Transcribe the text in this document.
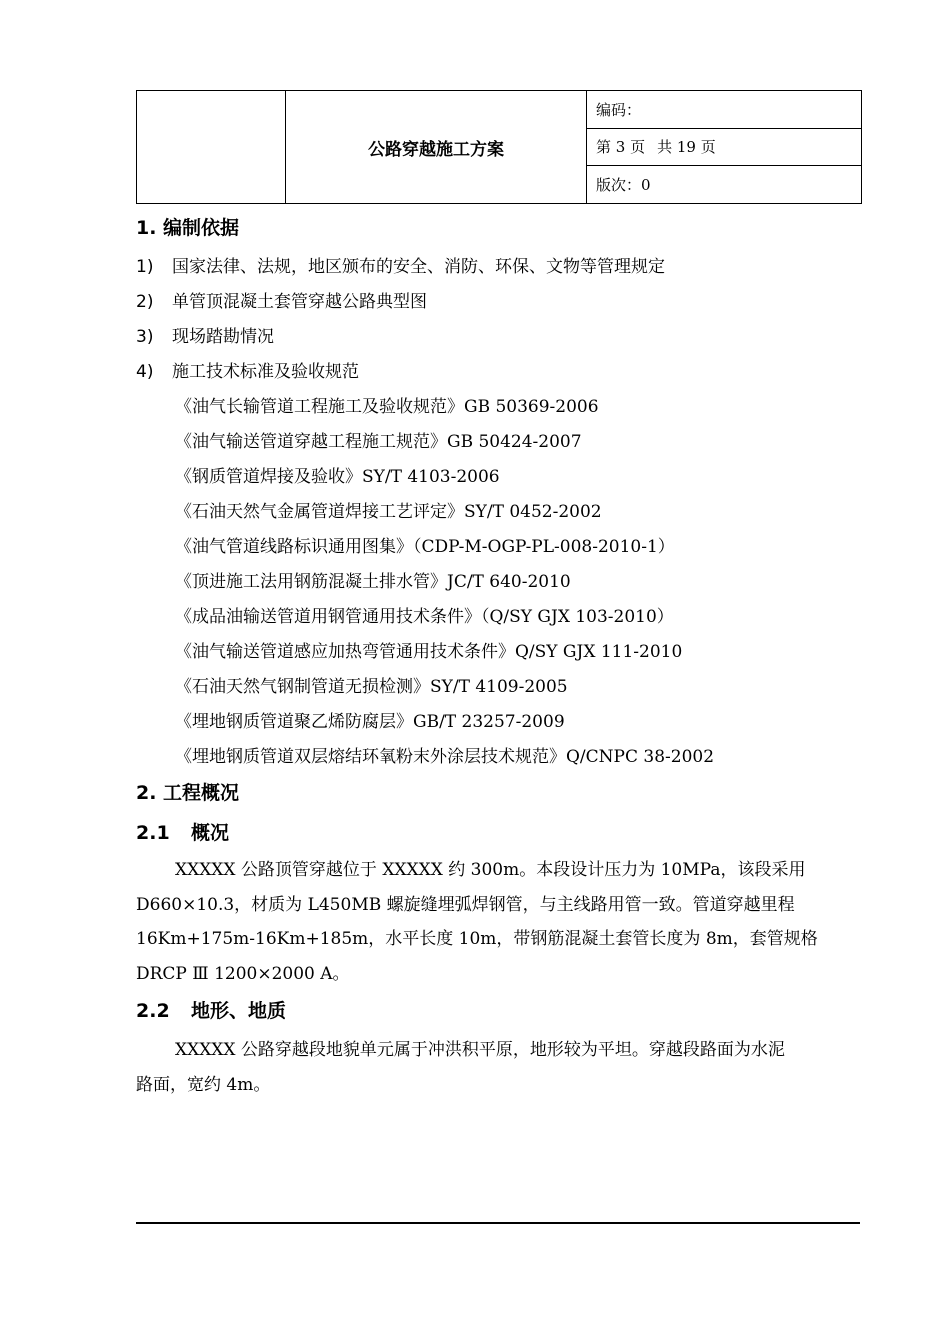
	公路穿越施工方案	编码：
第 3 页 共 19 页
版次：0
1. 编制依据
1) 国家法律、法规，地区颁布的安全、消防、环保、文物等管理规定
2) 单管顶混凝土套管穿越公路典型图
3) 现场踏勘情况
4) 施工技术标准及验收规范
《油气长输管道工程施工及验收规范》GB 50369-2006
《油气输送管道穿越工程施工规范》GB 50424-2007
《钢质管道焊接及验收》SY/T 4103-2006
《石油天然气金属管道焊接工艺评定》SY/T 0452-2002
《油气管道线路标识通用图集》（CDP-M-OGP-PL-008-2010-1）
《顶进施工法用钢筋混凝土排水管》JC/T 640-2010
《成品油输送管道用钢管通用技术条件》（Q/SY GJX 103-2010）
《油气输送管道感应加热弯管通用技术条件》Q/SY GJX 111-2010
《石油天然气钢制管道无损检测》SY/T 4109-2005
《埋地钢质管道聚乙烯防腐层》GB/T 23257-2009
《埋地钢质管道双层熔结环氧粉末外涂层技术规范》Q/CNPC 38-2002
2. 工程概况
2.1 概况

XXXXX 公路顶管穿越位于 XXXXX 约 300m。本段设计压力为 10MPa，该段采用

D660×10.3，材质为 L450MB 螺旋缝埋弧焊钢管，与主线路用管一致。管道穿越里程

16Km+175m-16Km+185m，水平长度 10m，带钢筋混凝土套管长度为 8m，套管规格

DRCP Ⅲ 1200×2000 A。

2.2 地形、地质

XXXXX 公路穿越段地貌单元属于冲洪积平原，地形较为平坦。穿越段路面为水泥

路面，宽约 4m。
